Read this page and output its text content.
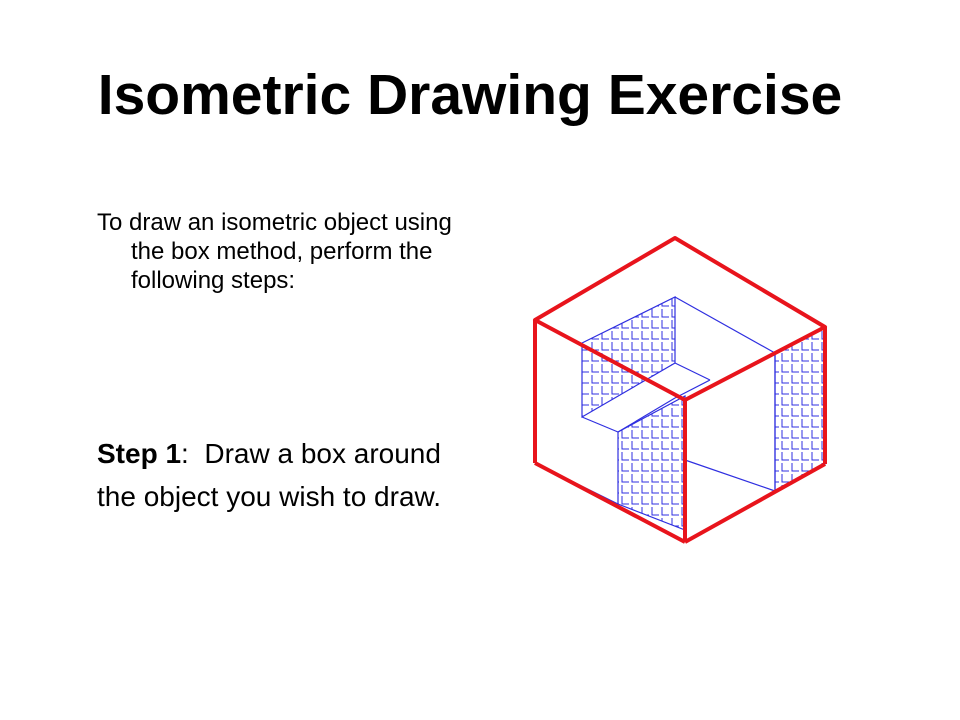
Isometric Drawing Exercise
To draw an isometric object using the box method, perform the following steps:
Step 1: Draw a box around the object you wish to draw.
